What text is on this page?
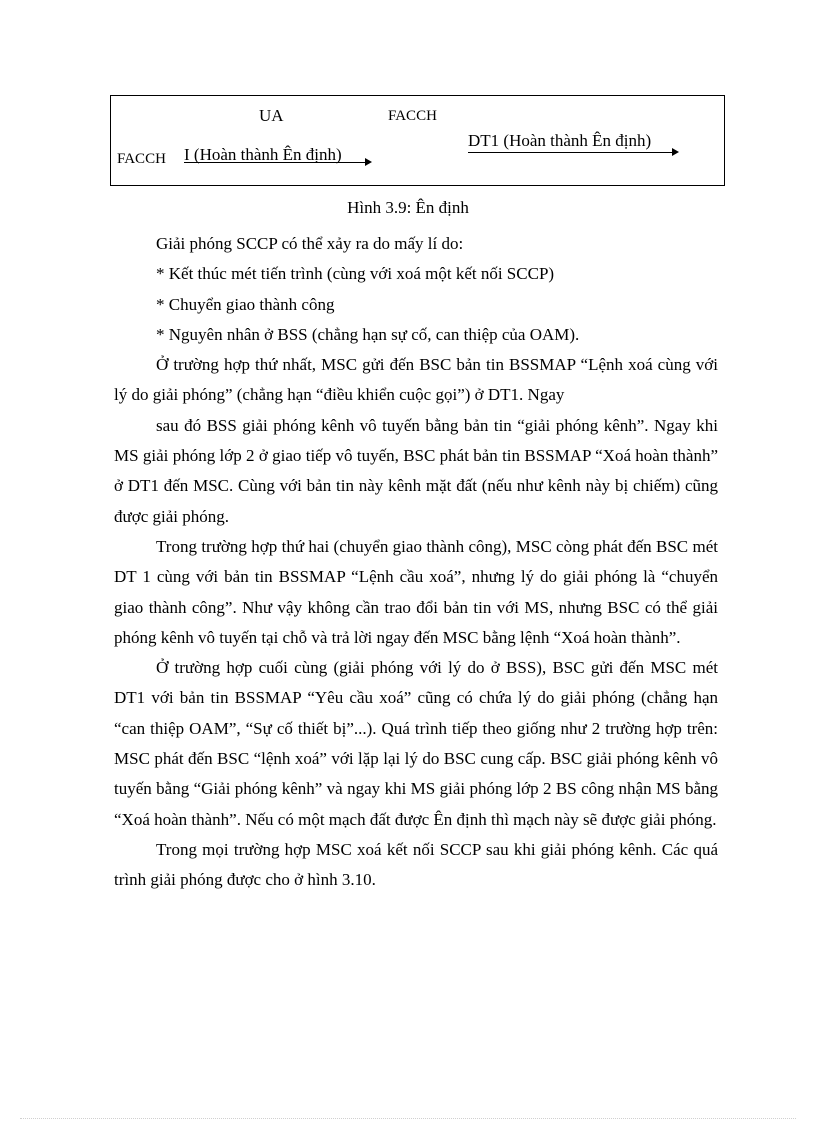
UA	FACCH
DT1 (Hoàn thành Ên định)
FACCH I (Hoàn thành Ên định)
Hình 3.9: Ên định

Giải phóng SCCP có thể xảy ra do mấy lí do:

* Kết thúc mét tiến trình (cùng với xoá một kết nối SCCP)

* Chuyển giao thành công

* Nguyên nhân ở BSS (chẳng hạn sự cố, can thiệp của OAM).

Ở trường hợp thứ nhất, MSC gửi đến BSC bản tin BSSMAP “Lệnh xoá cùng với lý do giải phóng” (chẳng hạn “điều khiển cuộc gọi”) ở DT1. Ngay

sau đó BSS giải phóng kênh vô tuyến bằng bản tin “giải phóng kênh”. Ngay khi MS giải phóng lớp 2 ở giao tiếp vô tuyến, BSC phát bản tin BSSMAP “Xoá hoàn thành” ở DT1 đến MSC. Cùng với bản tin này kênh mặt đất (nếu như kênh này bị chiếm) cũng được giải phóng.

Trong trường hợp thứ hai (chuyển giao thành công), MSC còng phát đến BSC mét DT 1 cùng với bản tin BSSMAP “Lệnh cầu xoá”, nhưng lý do giải phóng là “chuyển giao thành công”. Như vậy không cần trao đổi bản tin với MS, nhưng BSC có thể giải phóng kênh vô tuyến tại chỗ và trả lời ngay đến MSC bằng lệnh “Xoá hoàn thành”.

Ở trường hợp cuối cùng (giải phóng với lý do ở BSS), BSC gửi đến MSC mét DT1 với bản tin BSSMAP “Yêu cầu xoá” cũng có chứa lý do giải phóng (chẳng hạn “can thiệp OAM”, “Sự cố thiết bị”...). Quá trình tiếp theo giống như 2 trường hợp trên: MSC phát đến BSC “lệnh xoá” với lặp lại lý do BSC cung cấp. BSC giải phóng kênh vô tuyến bằng “Giải phóng kênh” và ngay khi MS giải phóng lớp 2 BS công nhận MS bằng “Xoá hoàn thành”. Nếu có một mạch đất được Ên định thì mạch này sẽ được giải phóng.

Trong mọi trường hợp MSC xoá kết nối SCCP sau khi giải phóng kênh. Các quá trình giải phóng được cho ở hình 3.10.
